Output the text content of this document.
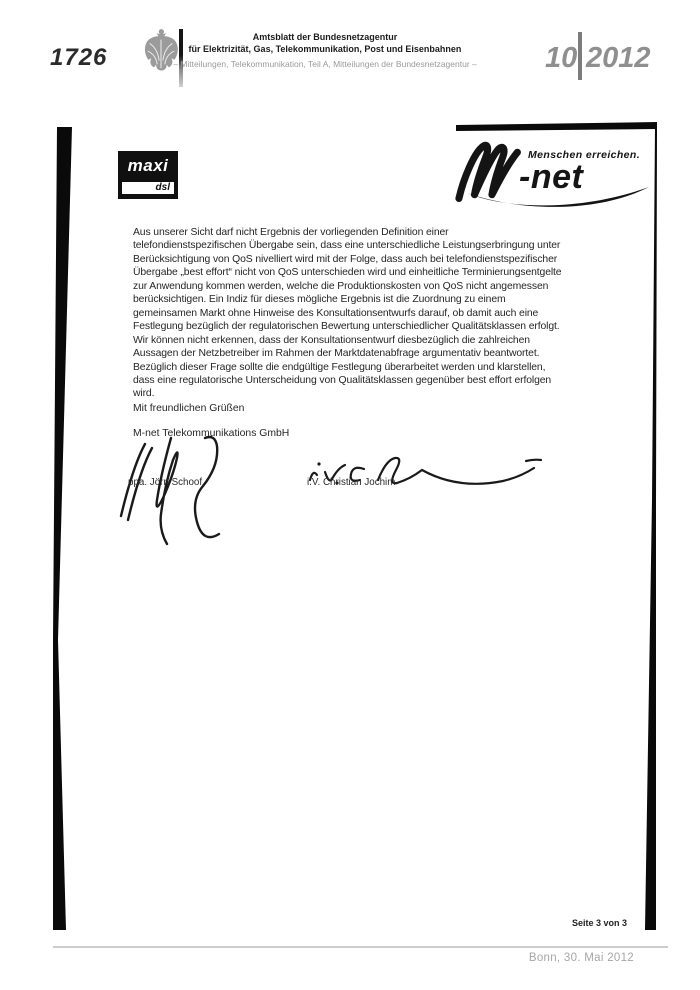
1726
Amtsblatt der Bundesnetzagentur
für Elektrizität, Gas, Telekommunikation, Post und Eisenbahnen
– Mitteilungen, Telekommunikation, Teil A, Mitteilungen der Bundesnetzagentur –	10 2012
maxi
dsl
Menschen erreichen.
-net
Aus unserer Sicht darf nicht Ergebnis der vorliegenden Definition einer
telefondienstspezifischen Übergabe sein, dass eine unterschiedliche Leistungserbringung unter
Berücksichtigung von QoS nivelliert wird mit der Folge, dass auch bei telefondienstspezifischer
Übergabe „best effort“ nicht von QoS unterschieden wird und einheitliche Terminierungsentgelte
zur Anwendung kommen werden, welche die Produktionskosten von QoS nicht angemessen
berücksichtigen. Ein Indiz für dieses mögliche Ergebnis ist die Zuordnung zu einem
gemeinsamen Markt ohne Hinweise des Konsultationsentwurfs darauf, ob damit auch eine
Festlegung bezüglich der regulatorischen Bewertung unterschiedlicher Qualitätsklassen erfolgt.
Wir können nicht erkennen, dass der Konsultationsentwurf diesbezüglich die zahlreichen
Aussagen der Netzbetreiber im Rahmen der Marktdatenabfrage argumentativ beantwortet.
Bezüglich dieser Frage sollte die endgültige Festlegung überarbeitet werden und klarstellen,
dass eine regulatorische Unterscheidung von Qualitätsklassen gegenüber best effort erfolgen
wird.
Mit freundlichen Grüßen
M-net Telekommunikations GmbH
ppa. Jörn Schoof	i.V. Christian Jochim
Seite 3 von 3
Bonn, 30. Mai 2012
